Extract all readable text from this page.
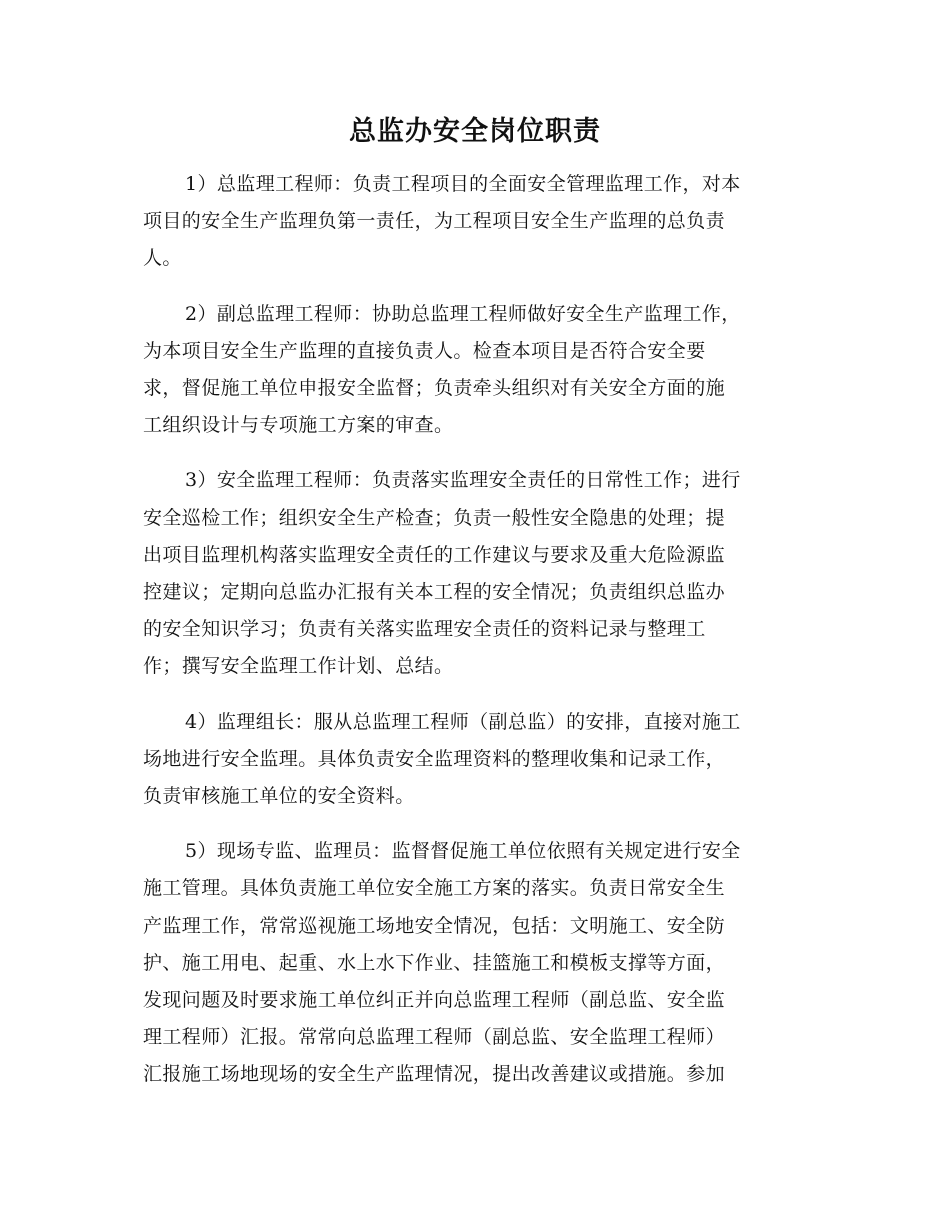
总监办安全岗位职责
1）总监理工程师：负责工程项目的全面安全管理监理工作，对本
项目的安全生产监理负第一责任，为工程项目安全生产监理的总负责
人。
2）副总监理工程师：协助总监理工程师做好安全生产监理工作，
为本项目安全生产监理的直接负责人。检查本项目是否符合安全要
求，督促施工单位申报安全监督；负责牵头组织对有关安全方面的施
工组织设计与专项施工方案的审查。
3）安全监理工程师：负责落实监理安全责任的日常性工作；进行
安全巡检工作；组织安全生产检查；负责一般性安全隐患的处理；提
出项目监理机构落实监理安全责任的工作建议与要求及重大危险源监
控建议；定期向总监办汇报有关本工程的安全情况；负责组织总监办
的安全知识学习；负责有关落实监理安全责任的资料记录与整理工
作；撰写安全监理工作计划、总结。
4）监理组长：服从总监理工程师（副总监）的安排，直接对施工
场地进行安全监理。具体负责安全监理资料的整理收集和记录工作，
负责审核施工单位的安全资料。
5）现场专监、监理员：监督督促施工单位依照有关规定进行安全
施工管理。具体负责施工单位安全施工方案的落实。负责日常安全生
产监理工作，常常巡视施工场地安全情况，包括：文明施工、安全防
护、施工用电、起重、水上水下作业、挂篮施工和模板支撑等方面，
发现问题及时要求施工单位纠正并向总监理工程师（副总监、安全监
理工程师）汇报。常常向总监理工程师（副总监、安全监理工程师）
汇报施工场地现场的安全生产监理情况，提出改善建议或措施。参加
